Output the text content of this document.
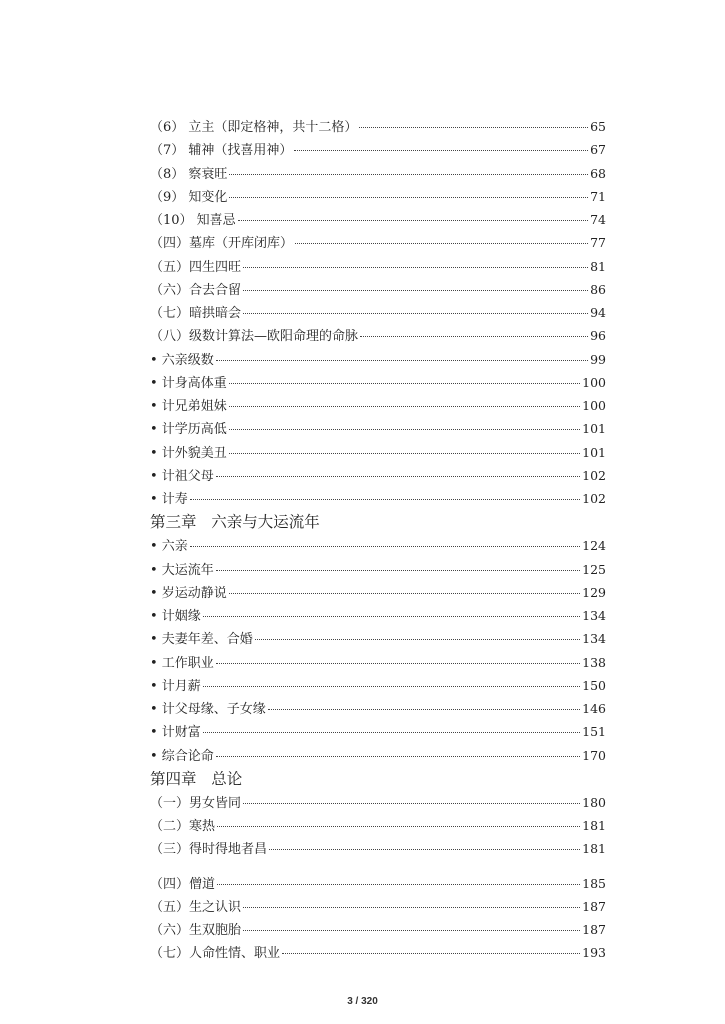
（6） 立主（即定格神，共十二格）	65
（7） 辅神（找喜用神）	67
（8） 察衰旺	68
（9） 知变化	71
（10） 知喜忌	74
（四）墓库（开库闭库）	77
（五）四生四旺	81
（六）合去合留	86
（七）暗拱暗会	94
（八）级数计算法—欧阳命理的命脉	96
• 六亲级数	99
• 计身高体重	100
• 计兄弟姐妹	100
• 计学历高低	101
• 计外貌美丑	101
• 计祖父母	102
• 计寿	102
第三章   六亲与大运流年
• 六亲	124
• 大运流年	125
• 岁运动静说	129
• 计姻缘	134
• 夫妻年差、合婚	134
• 工作职业	138
• 计月薪	150
• 计父母缘、子女缘	146
• 计财富	151
• 综合论命	170
第四章   总论
（一）男女皆同	180
（二）寒热	181
（三）得时得地者昌	181
（四）僧道	185
（五）生之认识	187
（六）生双胞胎	187
（七）人命性情、职业	193
3 / 320
